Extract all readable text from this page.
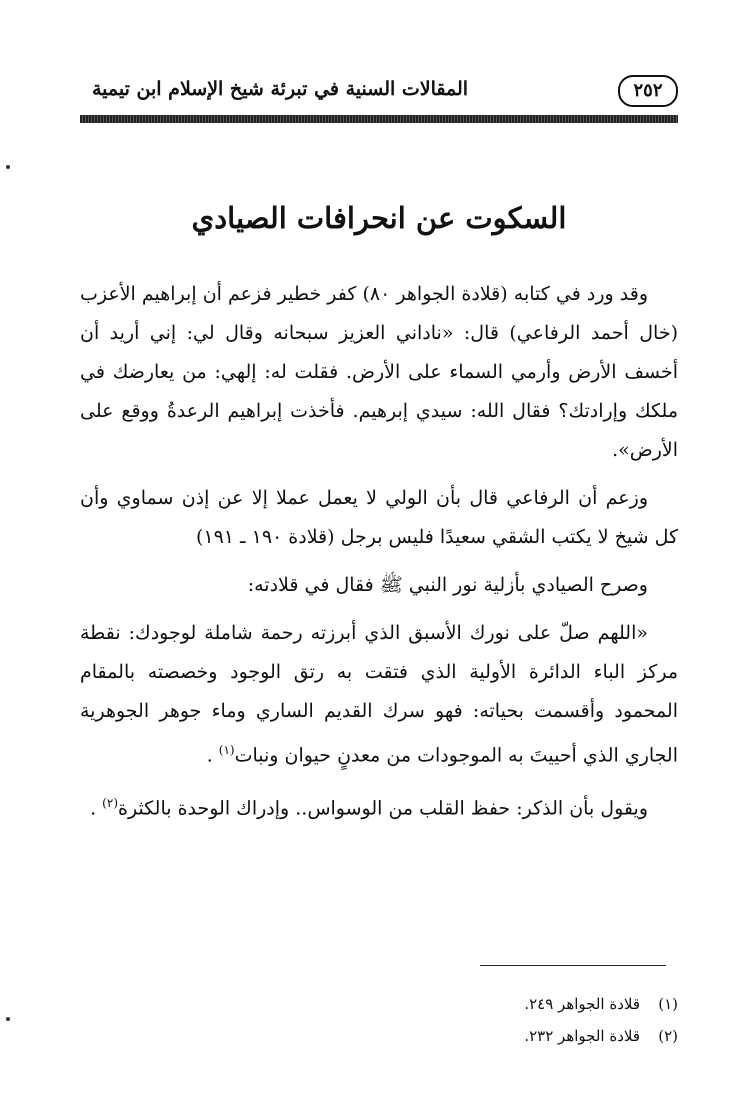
٢٥٢
المقالات السنية في تبرئة شيخ الإسلام ابن تيمية
السكوت عن انحرافات الصيادي

وقد ورد في كتابه (قلادة الجواهر ٨٠) كفر خطير فزعم أن إبراهيم الأعزب (خال أحمد الرفاعي) قال: «ناداني العزيز سبحانه وقال لي: إني أريد أن أخسف الأرض وأرمي السماء على الأرض. فقلت له: إلهي: من يعارضك في ملكك وإرادتك؟ فقال الله: سيدي إبرهيم. فأخذت إبراهيم الرعدةُ ووقع على الأرض».

وزعم أن الرفاعي قال بأن الولي لا يعمل عملا إلا عن إذن سماوي وأن كل شيخ لا يكتب الشقي سعيدًا فليس برجل (قلادة ١٩٠ ـ ١٩١)

وصرح الصيادي بأزلية نور النبي ﷺ فقال في قلادته:

«اللهم صلّ على نورك الأسبق الذي أبرزته رحمة شاملة لوجودك: نقطة مركز الباء الدائرة الأولية الذي فتقت به رتق الوجود وخصصته بالمقام المحمود وأقسمت بحياته: فهو سرك القديم الساري وماء جوهر الجوهرية الجاري الذي أحييتَ به الموجودات من معدنٍ حيوان ونبات$^{(١)}$ .

ويقول بأن الذكر: حفظ القلب من الوسواس.. وإدراك الوحدة بالكثرة$^{(٢)}$ .

(١)
قلادة الجواهر ٢٤٩.
(٢)
قلادة الجواهر ٢٣٢.
